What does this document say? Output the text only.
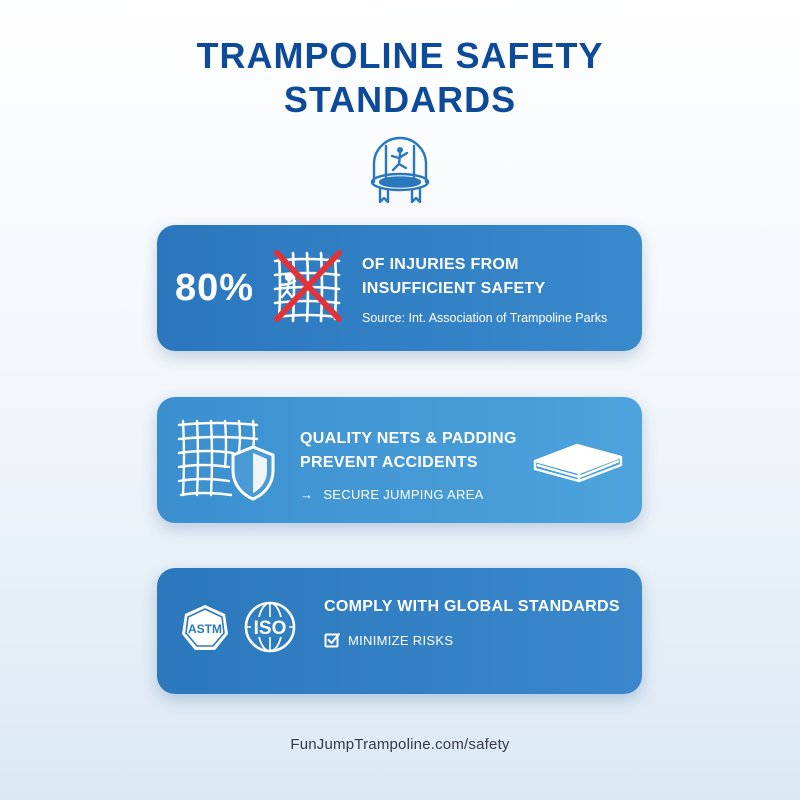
TRAMPOLINE SAFETY
STANDARDS
80%
OF INJURIES FROM
INSUFFICIENT SAFETY
Source: Int. Association of Trampoline Parks
QUALITY NETS & PADDING
PREVENT ACCIDENTS
→ SECURE JUMPING AREA
ASTM ISO
COMPLY WITH GLOBAL STANDARDS
MINIMIZE RISKS
FunJumpTrampoline.com/safety
